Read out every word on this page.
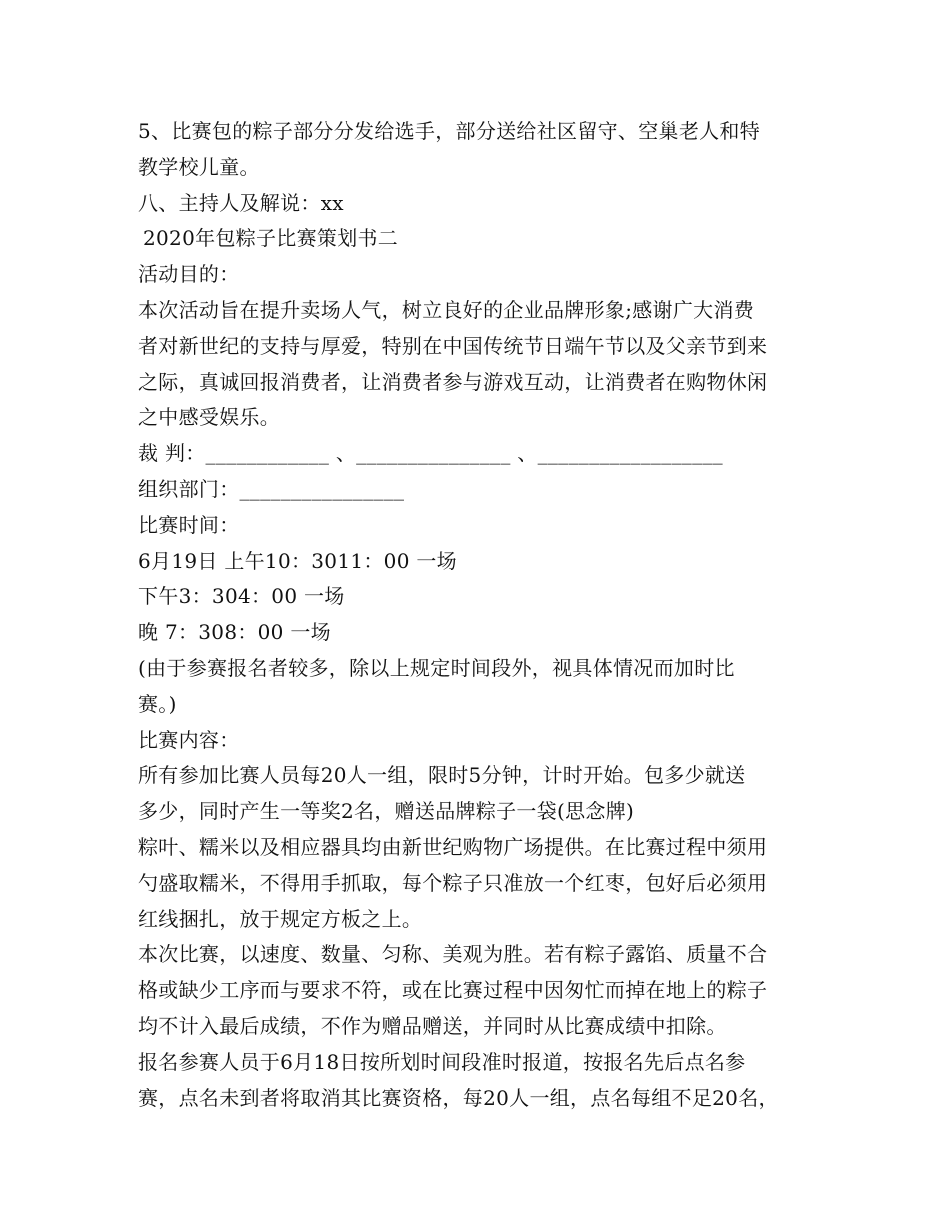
5、比赛包的粽子部分分发给选手，部分送给社区留守、空巢老人和特
教学校儿童。
八、主持人及解说：xx
2020年包粽子比赛策划书二
活动目的：
本次活动旨在提升卖场人气，树立良好的企业品牌形象;感谢广大消费
者对新世纪的支持与厚爱，特别在中国传统节日端午节以及父亲节到来
之际，真诚回报消费者，让消费者参与游戏互动，让消费者在购物休闲
之中感受娱乐。
裁 判：____________ 、_______________ 、__________________
组织部门：________________
比赛时间：
6月19日 上午10：3011：00 一场
下午3：304：00 一场
晚 7：308：00 一场
(由于参赛报名者较多，除以上规定时间段外，视具体情况而加时比
赛。)
比赛内容：
所有参加比赛人员每20人一组，限时5分钟，计时开始。包多少就送
多少，同时产生一等奖2名，赠送品牌粽子一袋(思念牌)
粽叶、糯米以及相应器具均由新世纪购物广场提供。在比赛过程中须用
勺盛取糯米，不得用手抓取，每个粽子只准放一个红枣，包好后必须用
红线捆扎，放于规定方板之上。
本次比赛，以速度、数量、匀称、美观为胜。若有粽子露馅、质量不合
格或缺少工序而与要求不符，或在比赛过程中因匆忙而掉在地上的粽子
均不计入最后成绩，不作为赠品赠送，并同时从比赛成绩中扣除。
报名参赛人员于6月18日按所划时间段准时报道，按报名先后点名参
赛，点名未到者将取消其比赛资格，每20人一组，点名每组不足20名，
